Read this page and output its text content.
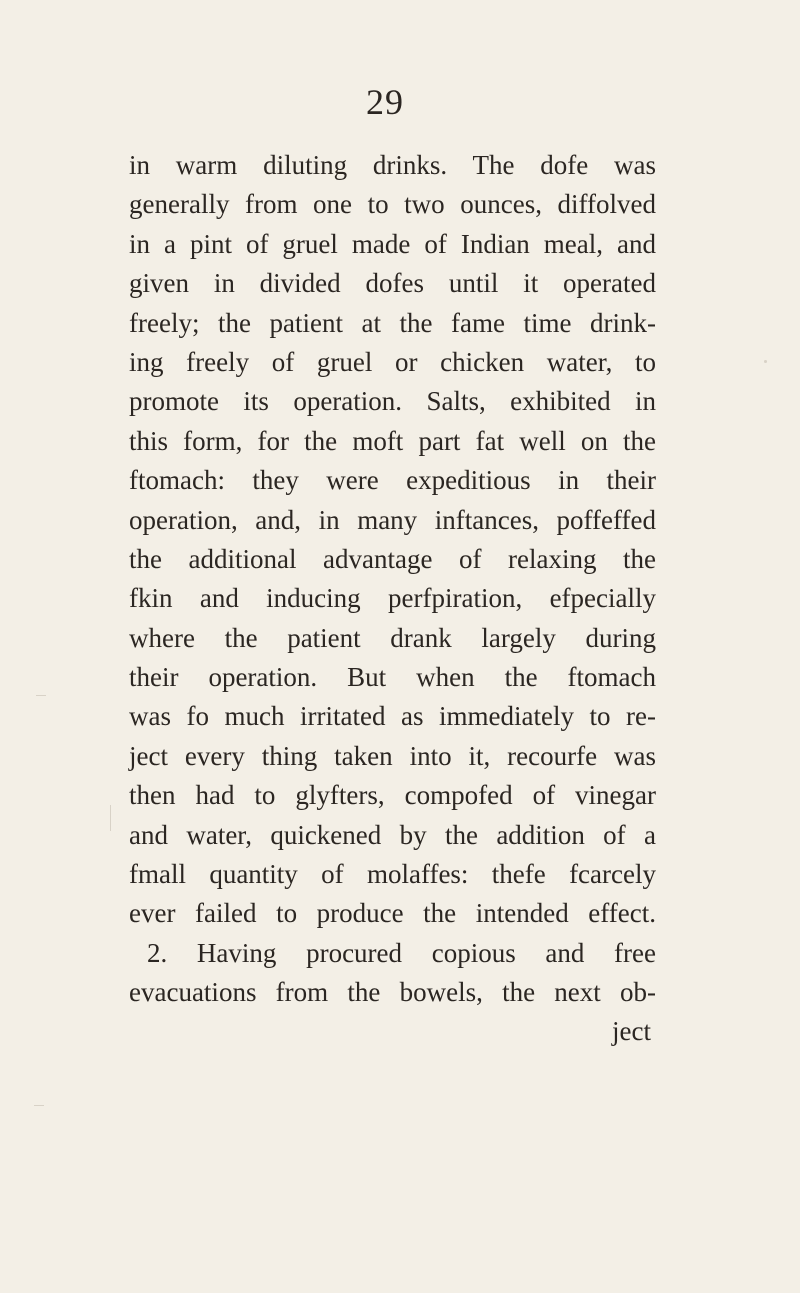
29
in warm diluting drinks. The dofe was
generally from one to two ounces, diffolved
in a pint of gruel made of Indian meal, and
given in divided dofes until it operated
freely; the patient at the fame time drink-
ing freely of gruel or chicken water, to
promote its operation. Salts, exhibited in
this form, for the moft part fat well on the
ftomach: they were expeditious in their
operation, and, in many inftances, poffeffed
the additional advantage of relaxing the
fkin and inducing perfpiration, efpecially
where the patient drank largely during
their operation. But when the ftomach
was fo much irritated as immediately to re-
ject every thing taken into it, recourfe was
then had to glyfters, compofed of vinegar
and water, quickened by the addition of a
fmall quantity of molaffes: thefe fcarcely
ever failed to produce the intended effect.
2. Having procured copious and free
evacuations from the bowels, the next ob-
ject
